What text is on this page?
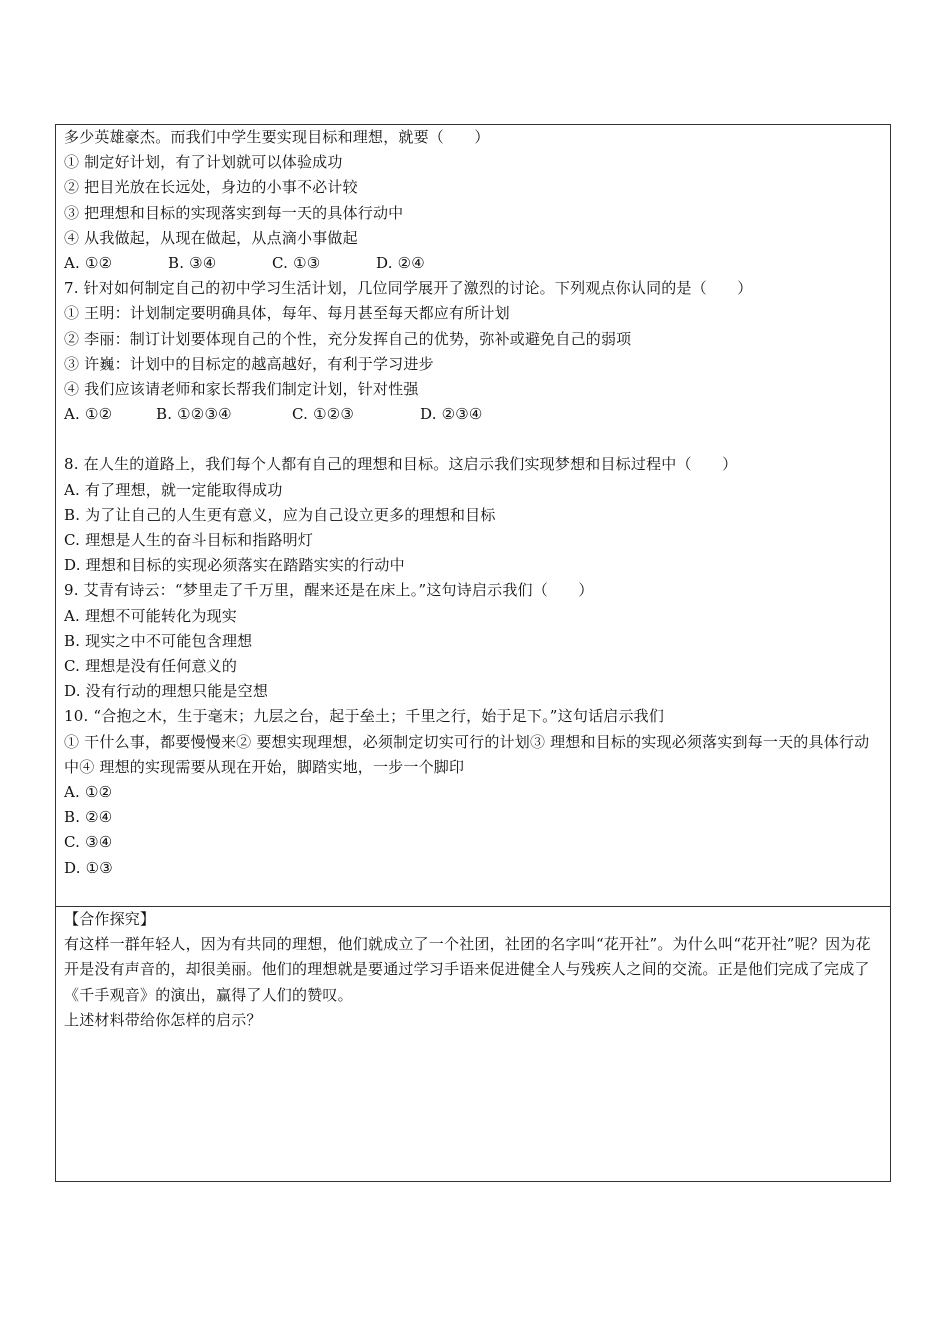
多少英雄豪杰。而我们中学生要实现目标和理想，就要（　　）
① 制定好计划，有了计划就可以体验成功
② 把目光放在长远处，身边的小事不必计较
③ 把理想和目标的实现落实到每一天的具体行动中
④ 从我做起，从现在做起，从点滴小事做起
A. ①②	B. ③④	C. ①③	D. ②④
7. 针对如何制定自己的初中学习生活计划，几位同学展开了激烈的讨论。下列观点你认同的是（　　）
① 王明：计划制定要明确具体，每年、每月甚至每天都应有所计划
② 李丽：制订计划要体现自己的个性，充分发挥自己的优势，弥补或避免自己的弱项
③ 许巍：计划中的目标定的越高越好，有利于学习进步
④ 我们应该请老师和家长帮我们制定计划，针对性强
A. ①②	B. ①②③④	C. ①②③	D. ②③④
8. 在人生的道路上，我们每个人都有自己的理想和目标。这启示我们实现梦想和目标过程中（　　）
A. 有了理想，就一定能取得成功
B. 为了让自己的人生更有意义，应为自己设立更多的理想和目标
C. 理想是人生的奋斗目标和指路明灯
D. 理想和目标的实现必须落实在踏踏实实的行动中
9. 艾青有诗云：“梦里走了千万里，醒来还是在床上。”这句诗启示我们（　　）
A. 理想不可能转化为现实
B. 现实之中不可能包含理想
C. 理想是没有任何意义的
D. 没有行动的理想只能是空想
10. “合抱之木，生于毫末；九层之台，起于垒土；千里之行，始于足下。”这句话启示我们
① 干什么事，都要慢慢来② 要想实现理想，必须制定切实可行的计划③ 理想和目标的实现必须落实到每一天的具体行动中④ 理想的实现需要从现在开始，脚踏实地，一步一个脚印
A. ①②
B. ②④
C. ③④
D. ①③
【合作探究】
有这样一群年轻人，因为有共同的理想，他们就成立了一个社团，社团的名字叫“花开社”。为什么叫“花开社”呢？因为花开是没有声音的，却很美丽。他们的理想就是要通过学习手语来促进健全人与残疾人之间的交流。正是他们完成了完成了《千手观音》的演出，赢得了人们的赞叹。
上述材料带给你怎样的启示？
